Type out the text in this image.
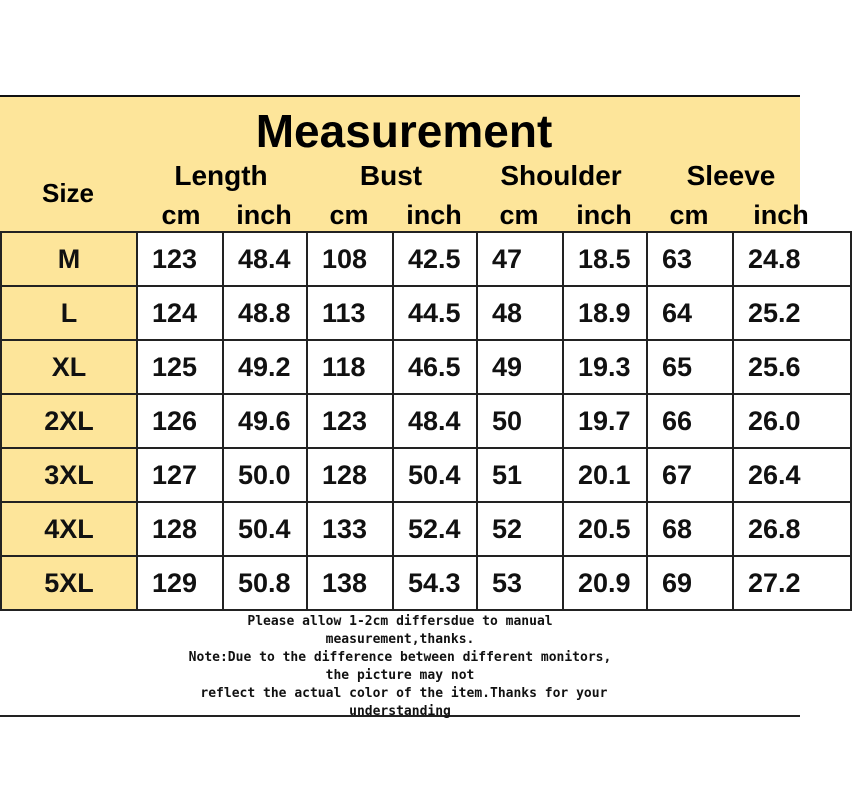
Measurement
Size
Length	Bust	Shoulder	Sleeve
cm	inch	cm	inch	cm	inch	cm	inch
M	123	48.4	108	42.5	47	18.5	63	24.8
L	124	48.8	113	44.5	48	18.9	64	25.2
XL	125	49.2	118	46.5	49	19.3	65	25.6
2XL	126	49.6	123	48.4	50	19.7	66	26.0
3XL	127	50.0	128	50.4	51	20.1	67	26.4
4XL	128	50.4	133	52.4	52	20.5	68	26.8
5XL	129	50.8	138	54.3	53	20.9	69	27.2
Please allow 1-2cm differsdue to manual
measurement,thanks.
Note:Due to the difference between different monitors,
the picture may not
reflect the actual color of the item.Thanks for your
understanding
